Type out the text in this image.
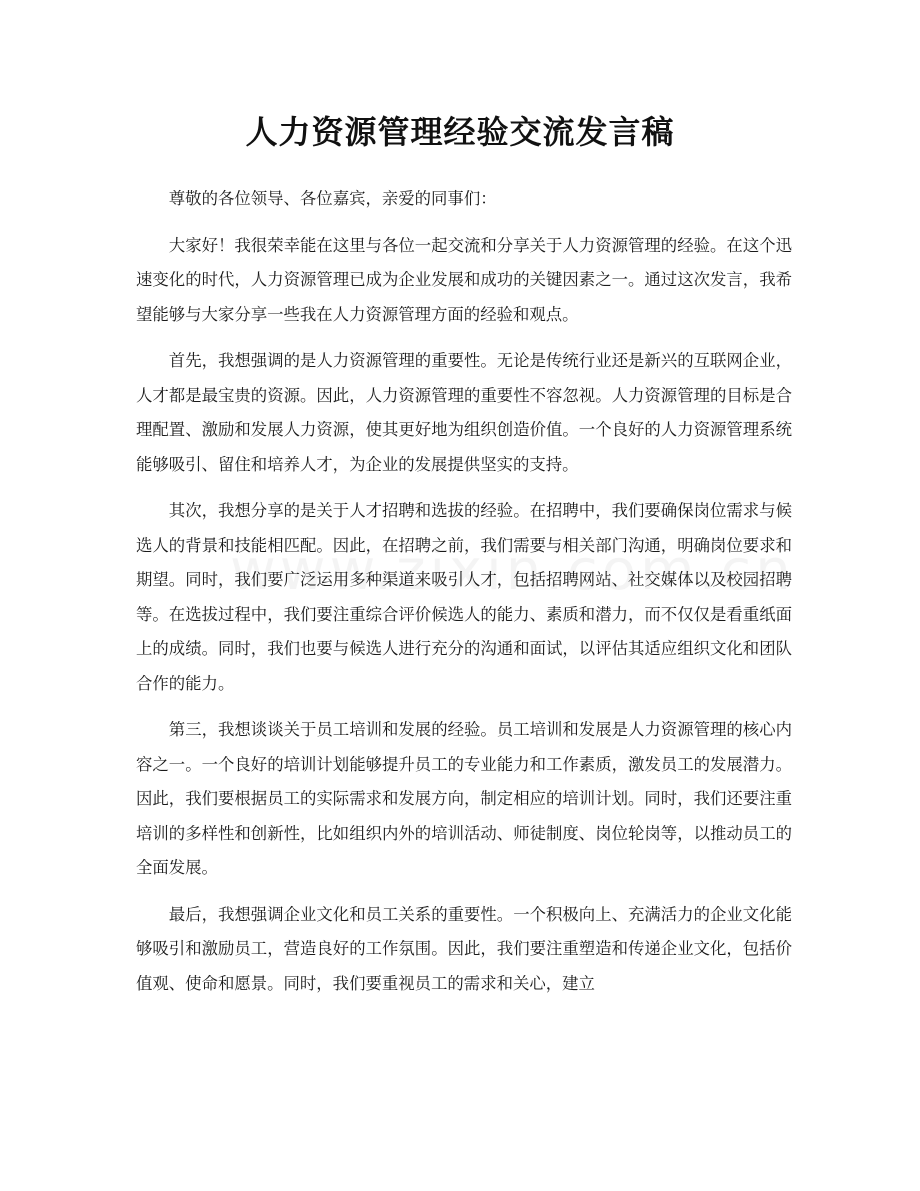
人力资源管理经验交流发言稿

尊敬的各位领导、各位嘉宾，亲爱的同事们：

大家好！我很荣幸能在这里与各位一起交流和分享关于人力资源管理的经验。在这个迅速变化的时代，人力资源管理已成为企业发展和成功的关键因素之一。通过这次发言，我希望能够与大家分享一些我在人力资源管理方面的经验和观点。

首先，我想强调的是人力资源管理的重要性。无论是传统行业还是新兴的互联网企业，人才都是最宝贵的资源。因此，人力资源管理的重要性不容忽视。人力资源管理的目标是合理配置、激励和发展人力资源，使其更好地为组织创造价值。一个良好的人力资源管理系统能够吸引、留住和培养人才，为企业的发展提供坚实的支持。

其次，我想分享的是关于人才招聘和选拔的经验。在招聘中，我们要确保岗位需求与候选人的背景和技能相匹配。因此，在招聘之前，我们需要与相关部门沟通，明确岗位要求和期望。同时，我们要广泛运用多种渠道来吸引人才，包括招聘网站、社交媒体以及校园招聘等。在选拔过程中，我们要注重综合评价候选人的能力、素质和潜力，而不仅仅是看重纸面上的成绩。同时，我们也要与候选人进行充分的沟通和面试，以评估其适应组织文化和团队合作的能力。

第三，我想谈谈关于员工培训和发展的经验。员工培训和发展是人力资源管理的核心内容之一。一个良好的培训计划能够提升员工的专业能力和工作素质，激发员工的发展潜力。因此，我们要根据员工的实际需求和发展方向，制定相应的培训计划。同时，我们还要注重培训的多样性和创新性，比如组织内外的培训活动、师徒制度、岗位轮岗等，以推动员工的全面发展。

最后，我想强调企业文化和员工关系的重要性。一个积极向上、充满活力的企业文化能够吸引和激励员工，营造良好的工作氛围。因此，我们要注重塑造和传递企业文化，包括价值观、使命和愿景。同时，我们要重视员工的需求和关心，建立
